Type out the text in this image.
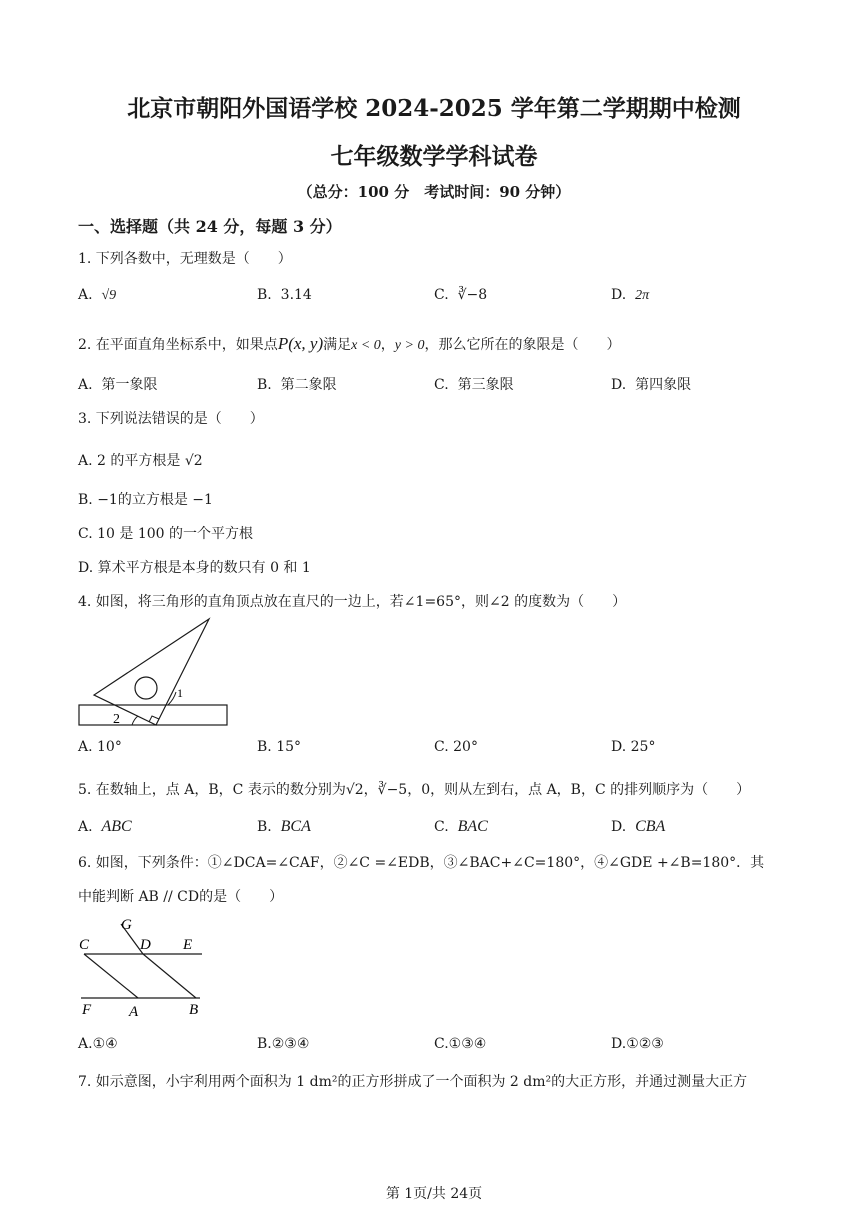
北京市朝阳外国语学校 2024-2025 学年第二学期期中检测
七年级数学学科试卷
（总分：100 分　考试时间：90 分钟）
一、选择题（共 24 分，每题 3 分）
1. 下列各数中，无理数是（　　）
A. √9	B. 3.14	C. ∛−8	D. 2π
2. 在平面直角坐标系中，如果点P(x, y)满足x < 0，y > 0，那么它所在的象限是（　　）
A. 第一象限	B. 第二象限	C. 第三象限	D. 第四象限
3. 下列说法错误的是（　　）
A. 2 的平方根是 √2
B. −1的立方根是 −1
C. 10 是 100 的一个平方根
D. 算术平方根是本身的数只有 0 和 1
4. 如图，将三角形的直角顶点放在直尺的一边上，若∠1=65°，则∠2 的度数为（　　）
1
2
A. 10°	B. 15°	C. 20°	D. 25°
5. 在数轴上，点 A，B，C 表示的数分别为√2，∛−5，0，则从左到右，点 A，B，C 的排列顺序为（　　）
A. ABC	B. BCA	C. BAC	D. CBA
6. 如图，下列条件：①∠DCA=∠CAF，②∠C =∠EDB，③∠BAC+∠C=180°，④∠GDE +∠B=180°．其
中能判断 AB // CD的是（　　）
G
C	D E
F	A	B
A.①④	B.②③④	C.①③④	D.①②③
7. 如示意图，小宇利用两个面积为 1 dm²的正方形拼成了一个面积为 2 dm²的大正方形，并通过测量大正方
第 1页/共 24页
